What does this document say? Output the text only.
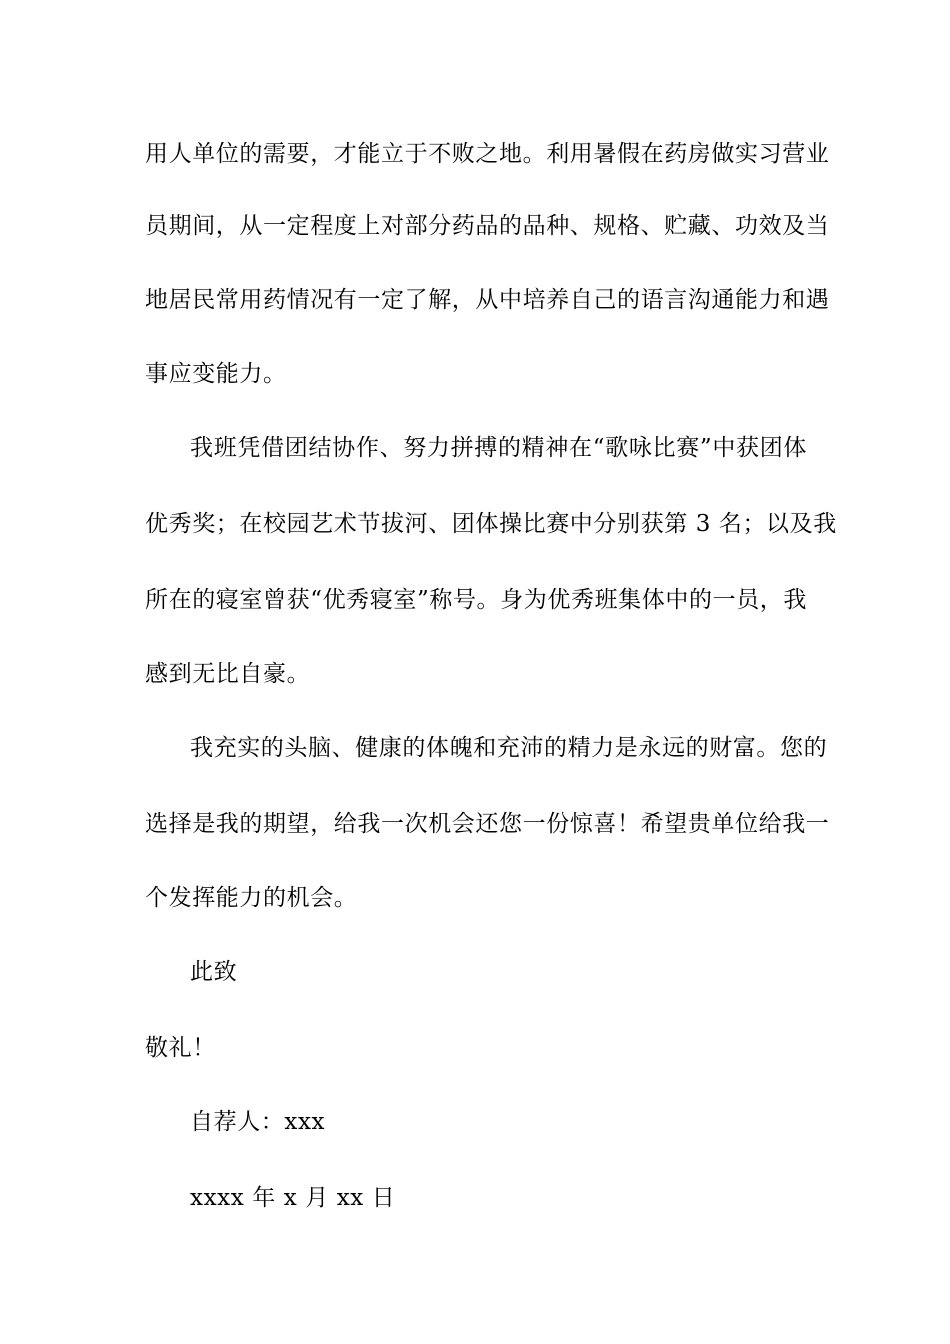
用人单位的需要，才能立于不败之地。利用暑假在药房做实习营业
员期间，从一定程度上对部分药品的品种、规格、贮藏、功效及当
地居民常用药情况有一定了解，从中培养自己的语言沟通能力和遇
事应变能力。
我班凭借团结协作、努力拼搏的精神在“歌咏比赛”中获团体
优秀奖；在校园艺术节拔河、团体操比赛中分别获第 3 名；以及我
所在的寝室曾获“优秀寝室”称号。身为优秀班集体中的一员，我
感到无比自豪。
我充实的头脑、健康的体魄和充沛的精力是永远的财富。您的
选择是我的期望，给我一次机会还您一份惊喜！希望贵单位给我一
个发挥能力的机会。
此致
敬礼！
自荐人：xxx
xxxx 年 x 月 xx 日
